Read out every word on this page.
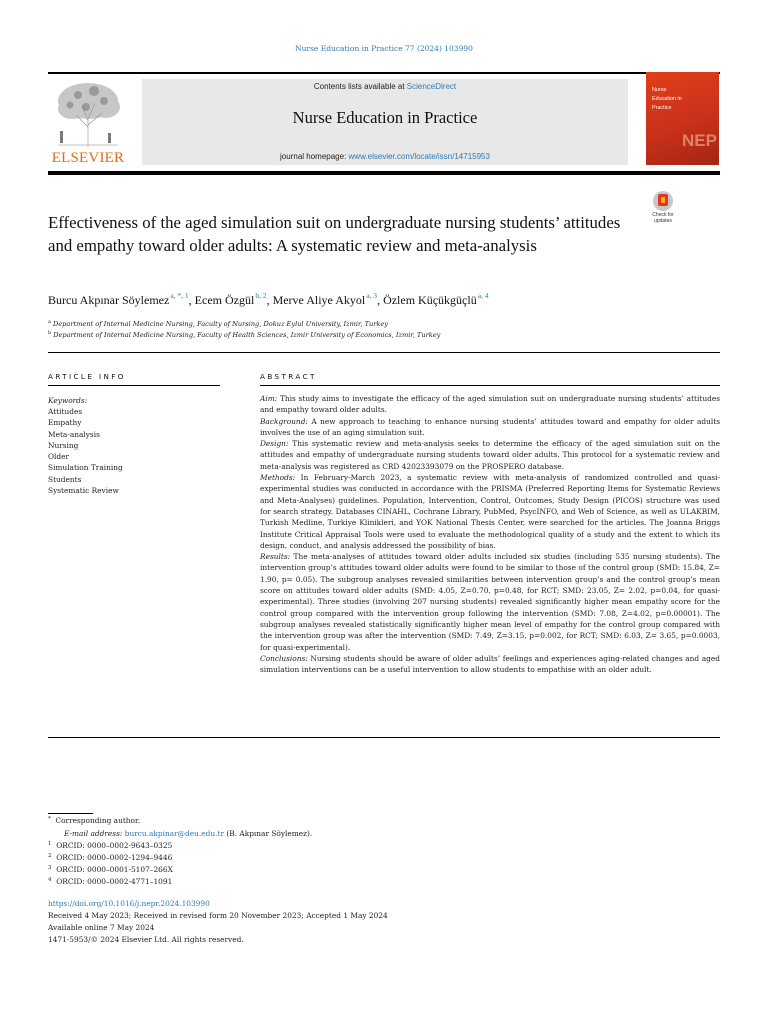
Nurse Education in Practice 77 (2024) 103990
ELSEVIER
Contents lists available at ScienceDirect
Nurse Education in Practice
journal homepage: www.elsevier.com/locate/issn/14715953
Nurse
Education in
Practice
NEP
Check for
updates
Effectiveness of the aged simulation suit on undergraduate nursing students’ attitudes and empathy toward older adults: A systematic review and meta-analysis
Burcu Akpınar Söylemez$^{a, *, 1}$, Ecem Özgül$^{b, 2}$, Merve Aliye Akyol$^{a, 3}$, Özlem Küçükgüçlü$^{a, 4}$
$^a$ Department of Internal Medicine Nursing, Faculty of Nursing, Dokuz Eylul University, Izmir, Turkey
$^b$ Department of Internal Medicine Nursing, Faculty of Health Sciences, Izmir University of Economics, Izmir, Turkey
ARTICLE INFO
Keywords:
Attitudes
Empathy
Meta-analysis
Nursing
Older
Simulation Training
Students
Systematic Review
ABSTRACT

Aim: This study aims to investigate the efficacy of the aged simulation suit on undergraduate nursing students’ attitudes and empathy toward older adults.

Background: A new approach to teaching to enhance nursing students’ attitudes toward and empathy for older adults involves the use of an aging simulation suit.

Design: This systematic review and meta-analysis seeks to determine the efficacy of the aged simulation suit on the attitudes and empathy of undergraduate nursing students toward older adults. This protocol for a systematic review and meta-analysis was registered as CRD 42023393079 on the PROSPERO database.

Methods: In February-March 2023, a systematic review with meta-analysis of randomized controlled and quasi-experimental studies was conducted in accordance with the PRISMA (Preferred Reporting Items for Systematic Reviews and Meta-Analyses) guidelines. Population, Intervention, Control, Outcomes, Study Design (PICOS) structure was used for search strategy. Databases CINAHL, Cochrane Library, PubMed, PsycINFO, and Web of Science, as well as ULAKBIM, Turkish Medline, Turkiye Klinikleri, and YOK National Thesis Center, were searched for the articles. The Joanna Briggs Institute Critical Appraisal Tools were used to evaluate the methodological quality of a study and the extent to which its design, conduct, and analysis addressed the possibility of bias.

Results: The meta-analyses of attitudes toward older adults included six studies (including 535 nursing students). The intervention group’s attitudes toward older adults were found to be similar to those of the control group (SMD: 15.84, Z= 1.90, p= 0.05). The subgroup analyses revealed similarities between intervention group’s and the control group’s mean score on attitudes toward older adults (SMD: 4.05, Z=0.70, p=0.48, for RCT; SMD: 23.05, Z= 2.02, p=0.04, for quasi-experimental). Three studies (involving 207 nursing students) revealed significantly higher mean empathy score for the control group compared with the intervention group following the intervention (SMD: 7.08, Z=4.02, p=0.00001). The subgroup analyses revealed statistically significantly higher mean level of empathy for the control group compared with the intervention group was after the intervention (SMD: 7.49, Z=3.15, p=0.002, for RCT; SMD: 6.03, Z= 3.65, p=0.0003, for quasi-experimental).

Conclusions: Nursing students should be aware of older adults’ feelings and experiences aging-related changes and aged simulation interventions can be a useful intervention to allow students to empathise with an older adult.

* Corresponding author.
E-mail address: burcu.akpinar@deu.edu.tr (B. Akpınar Söylemez).
$^1$ ORCID: 0000–0002-9643–0325
$^2$ ORCID: 0000–0002-1294–9446
$^3$ ORCID: 0000–0001-5107–266X
$^4$ ORCID: 0000–0002-4771–1091
https://doi.org/10.1016/j.nepr.2024.103990
Received 4 May 2023; Received in revised form 20 November 2023; Accepted 1 May 2024
Available online 7 May 2024
1471-5953/© 2024 Elsevier Ltd. All rights reserved.
